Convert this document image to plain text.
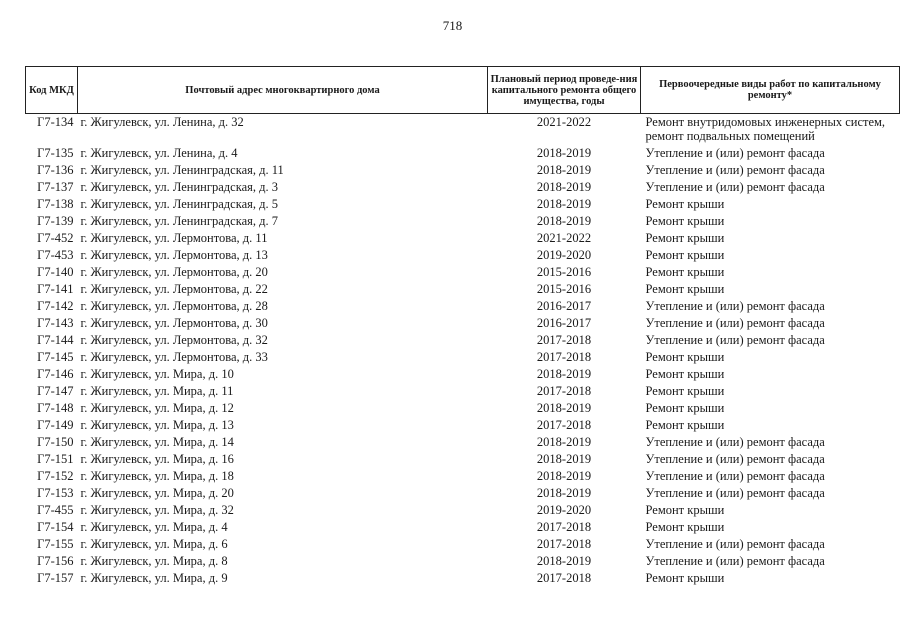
718
Код МКД	Почтовый адрес многоквартирного дома	Плановый период проведе-ния капитального ремонта общего имущества, годы	Первоочередные виды работ по капитальному ремонту*
Г7-134	г. Жигулевск, ул. Ленина, д. 32	2021-2022	Ремонт внутридомовых инженерных систем, ремонт подвальных помещений
Г7-135	г. Жигулевск, ул. Ленина, д. 4	2018-2019	Утепление и (или) ремонт фасада
Г7-136	г. Жигулевск, ул. Ленинградская, д. 11	2018-2019	Утепление и (или) ремонт фасада
Г7-137	г. Жигулевск, ул. Ленинградская, д. 3	2018-2019	Утепление и (или) ремонт фасада
Г7-138	г. Жигулевск, ул. Ленинградская, д. 5	2018-2019	Ремонт крыши
Г7-139	г. Жигулевск, ул. Ленинградская, д. 7	2018-2019	Ремонт крыши
Г7-452	г. Жигулевск, ул. Лермонтова, д. 11	2021-2022	Ремонт крыши
Г7-453	г. Жигулевск, ул. Лермонтова, д. 13	2019-2020	Ремонт крыши
Г7-140	г. Жигулевск, ул. Лермонтова, д. 20	2015-2016	Ремонт крыши
Г7-141	г. Жигулевск, ул. Лермонтова, д. 22	2015-2016	Ремонт крыши
Г7-142	г. Жигулевск, ул. Лермонтова, д. 28	2016-2017	Утепление и (или) ремонт фасада
Г7-143	г. Жигулевск, ул. Лермонтова, д. 30	2016-2017	Утепление и (или) ремонт фасада
Г7-144	г. Жигулевск, ул. Лермонтова, д. 32	2017-2018	Утепление и (или) ремонт фасада
Г7-145	г. Жигулевск, ул. Лермонтова, д. 33	2017-2018	Ремонт крыши
Г7-146	г. Жигулевск, ул. Мира, д. 10	2018-2019	Ремонт крыши
Г7-147	г. Жигулевск, ул. Мира, д. 11	2017-2018	Ремонт крыши
Г7-148	г. Жигулевск, ул. Мира, д. 12	2018-2019	Ремонт крыши
Г7-149	г. Жигулевск, ул. Мира, д. 13	2017-2018	Ремонт крыши
Г7-150	г. Жигулевск, ул. Мира, д. 14	2018-2019	Утепление и (или) ремонт фасада
Г7-151	г. Жигулевск, ул. Мира, д. 16	2018-2019	Утепление и (или) ремонт фасада
Г7-152	г. Жигулевск, ул. Мира, д. 18	2018-2019	Утепление и (или) ремонт фасада
Г7-153	г. Жигулевск, ул. Мира, д. 20	2018-2019	Утепление и (или) ремонт фасада
Г7-455	г. Жигулевск, ул. Мира, д. 32	2019-2020	Ремонт крыши
Г7-154	г. Жигулевск, ул. Мира, д. 4	2017-2018	Ремонт крыши
Г7-155	г. Жигулевск, ул. Мира, д. 6	2017-2018	Утепление и (или) ремонт фасада
Г7-156	г. Жигулевск, ул. Мира, д. 8	2018-2019	Утепление и (или) ремонт фасада
Г7-157	г. Жигулевск, ул. Мира, д. 9	2017-2018	Ремонт крыши
